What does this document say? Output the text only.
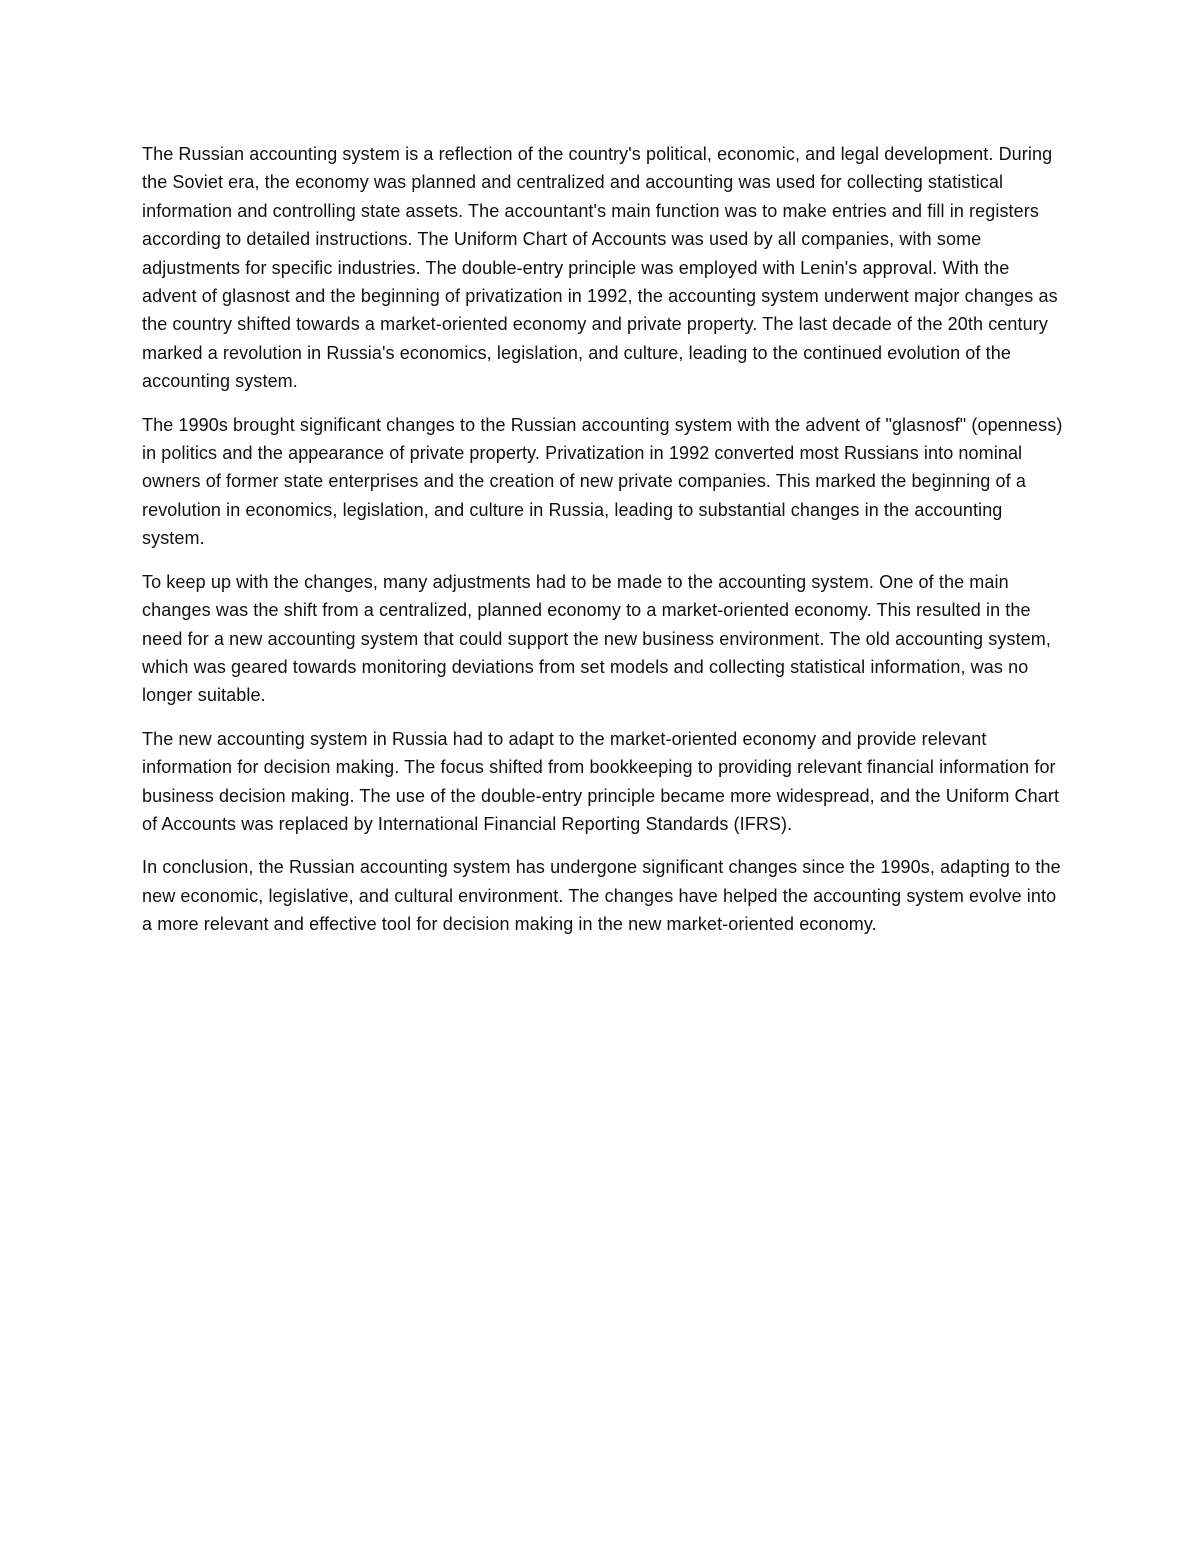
The Russian accounting system is a reflection of the country's political, economic, and legal development. During the Soviet era, the economy was planned and centralized and accounting was used for collecting statistical information and controlling state assets. The accountant's main function was to make entries and fill in registers according to detailed instructions. The Uniform Chart of Accounts was used by all companies, with some adjustments for specific industries. The double-entry principle was employed with Lenin's approval. With the advent of glasnost and the beginning of privatization in 1992, the accounting system underwent major changes as the country shifted towards a market-oriented economy and private property. The last decade of the 20th century marked a revolution in Russia's economics, legislation, and culture, leading to the continued evolution of the accounting system.

The 1990s brought significant changes to the Russian accounting system with the advent of "glasnosf" (openness) in politics and the appearance of private property. Privatization in 1992 converted most Russians into nominal owners of former state enterprises and the creation of new private companies. This marked the beginning of a revolution in economics, legislation, and culture in Russia, leading to substantial changes in the accounting system.

To keep up with the changes, many adjustments had to be made to the accounting system. One of the main changes was the shift from a centralized, planned economy to a market-oriented economy. This resulted in the need for a new accounting system that could support the new business environment. The old accounting system, which was geared towards monitoring deviations from set models and collecting statistical information, was no longer suitable.

The new accounting system in Russia had to adapt to the market-oriented economy and provide relevant information for decision making. The focus shifted from bookkeeping to providing relevant financial information for business decision making. The use of the double-entry principle became more widespread, and the Uniform Chart of Accounts was replaced by International Financial Reporting Standards (IFRS).

In conclusion, the Russian accounting system has undergone significant changes since the 1990s, adapting to the new economic, legislative, and cultural environment. The changes have helped the accounting system evolve into a more relevant and effective tool for decision making in the new market-oriented economy.
